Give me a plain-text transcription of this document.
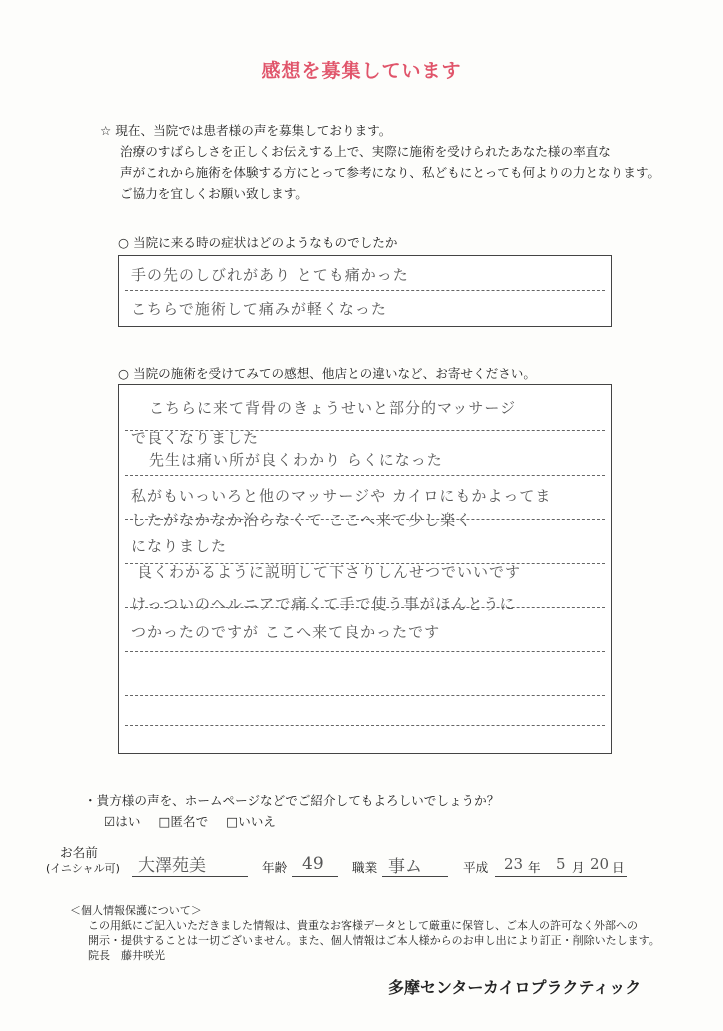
感想を募集しています
☆ 現在、当院では患者様の声を募集しております。
治療のすばらしさを正しくお伝えする上で、実際に施術を受けられたあなた様の率直な
声がこれから施術を体験する方にとって参考になり、私どもにとっても何よりの力となります。
ご協力を宜しくお願い致します。
○ 当院に来る時の症状はどのようなものでしたか
手の先のしびれがあり とても痛かった
こちらで施術して痛みが軽くなった
○ 当院の施術を受けてみての感想、他店との違いなど、お寄せください。
こちらに来て背骨のきょうせいと部分的マッサージ
で良くなりました
先生は痛い所が良くわかり らくになった
私がもいっいろと他のマッサージや カイロにもかよってま
したがなかなか治らなくて ここへ来て少し楽く
になりました
良くわかるように説明して下さりしんせつでいいです
けっついのヘルニアで痛くて手で使う事がほんとうに
つかったのですが ここへ来て良かったです
・貴方様の声を、ホームページなどでご紹介してもよろしいでしょうか？
☑はい □匿名で □いいえ
お名前
(イニシャル可) 大澤苑美	年齢 49 職業 事ム	平成 23 年 5 月 20 日
＜個人情報保護について＞
この用紙にご記入いただきました情報は、貴重なお客様データとして厳重に保管し、ご本人の許可なく外部への
開示・提供することは一切ございません。また、個人情報はご本人様からのお申し出により訂正・削除いたします。
院長　藤井咲光
多摩センターカイロプラクティック
